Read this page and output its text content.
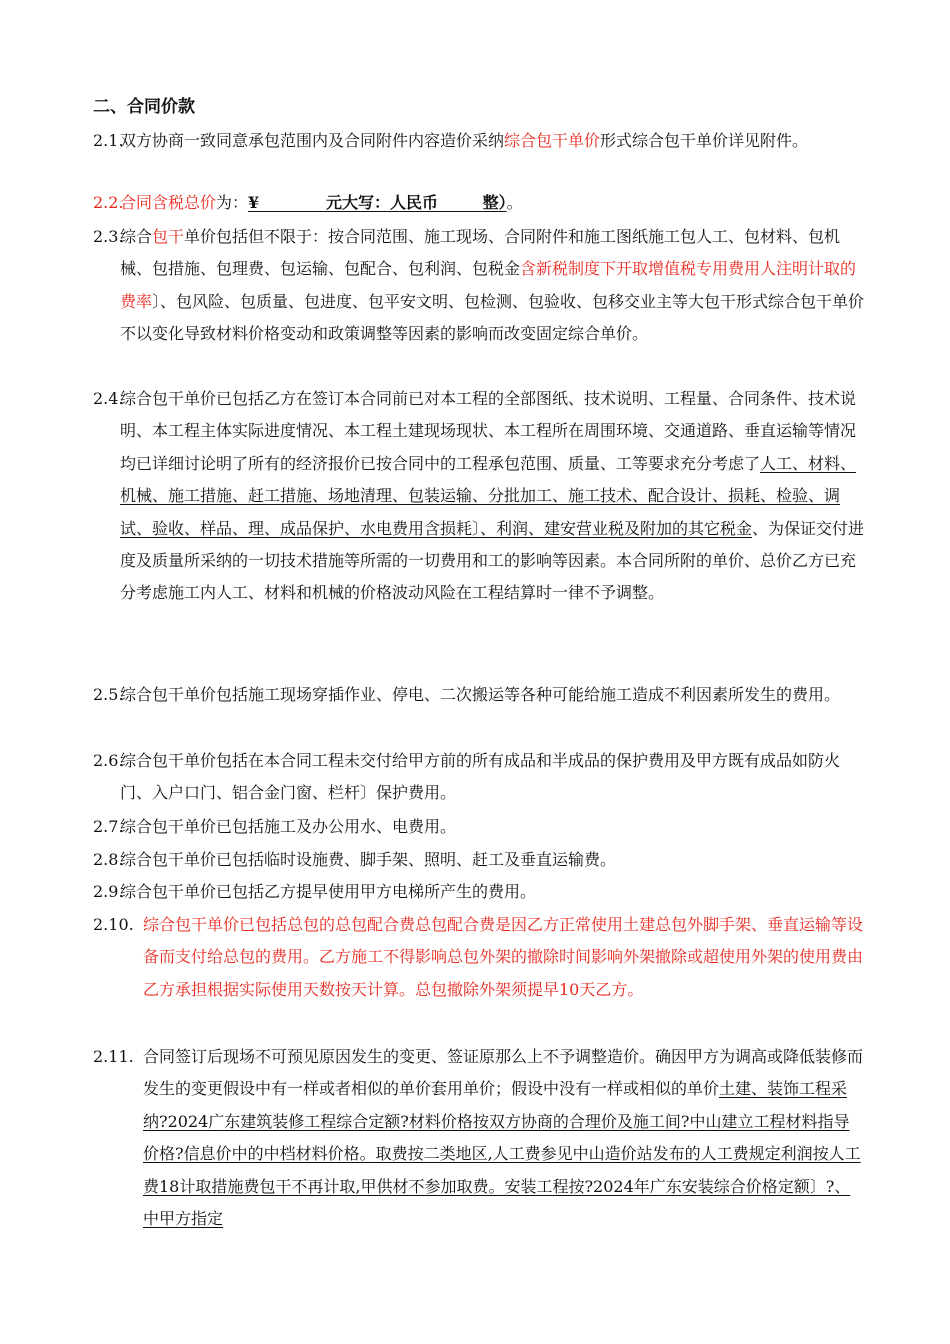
二、合同价款
2.1.
双方协商一致同意承包范围内及合同附件内容造价采纳综合包干单价形式综合包干单价详见附件。
2.2.
合同含税总价为：¥            元大写：人民币        整）。
2.3.
综合包干单价包括但不限于：按合同范围、施工现场、合同附件和施工图纸施工包人工、包材料、包机械、包措施、包理费、包运输、包配合、包利润、包税金含新税制度下开取增值税专用费用人注明计取的费率〕、包风险、包质量、包进度、包平安文明、包检测、包验收、包移交业主等大包干形式综合包干单价不以变化导致材料价格变动和政策调整等因素的影响而改变固定综合单价。
2.4.
综合包干单价已包括乙方在签订本合同前已对本工程的全部图纸、技术说明、工程量、合同条件、技术说明、本工程主体实际进度情况、本工程土建现场现状、本工程所在周围环境、交通道路、垂直运输等情况均已详细讨论明了所有的经济报价已按合同中的工程承包范围、质量、工等要求充分考虑了人工、材料、机械、施工措施、赶工措施、场地清理、包装运输、分批加工、施工技术、配合设计、损耗、检验、调试、验收、样品、理、成品保护、水电费用含损耗〕、利润、建安营业税及附加的其它税金、为保证交付进度及质量所采纳的一切技术措施等所需的一切费用和工的影响等因素。本合同所附的单价、总价乙方已充分考虑施工内人工、材料和机械的价格波动风险在工程结算时一律不予调整。
2.5.
综合包干单价包括施工现场穿插作业、停电、二次搬运等各种可能给施工造成不利因素所发生的费用。
2.6.
综合包干单价包括在本合同工程未交付给甲方前的所有成品和半成品的保护费用及甲方既有成品如防火门、入户口门、铝合金门窗、栏杆〕保护费用。
2.7.
综合包干单价已包括施工及办公用水、电费用。
2.8.
综合包干单价已包括临时设施费、脚手架、照明、赶工及垂直运输费。
2.9.
综合包干单价已包括乙方提早使用甲方电梯所产生的费用。
2.10. 综合包干单价已包括总包的总包配合费总包配合费是因乙方正常使用土建总包外脚手架、垂直运输等设备而支付给总包的费用。乙方施工不得影响总包外架的撤除时间影响外架撤除或超使用外架的使用费由乙方承担根据实际使用天数按天计算。总包撤除外架须提早10天乙方。
2.11. 合同签订后现场不可预见原因发生的变更、签证原那么上不予调整造价。确因甲方为调高或降低装修而发生的变更假设中有一样或者相似的单价套用单价；假设中没有一样或相似的单价土建、装饰工程采纳?2024广东建筑装修工程综合定额?材料价格按双方协商的合理价及施工间?中山建立工程材料指导价格?信息价中的中档材料价格。取费按二类地区,人工费参见中山造价站发布的人工费规定利润按人工费18计取措施费包干不再计取,甲供材不参加取费。安装工程按?2024年广东安装综合价格定额〕?、中甲方指定
